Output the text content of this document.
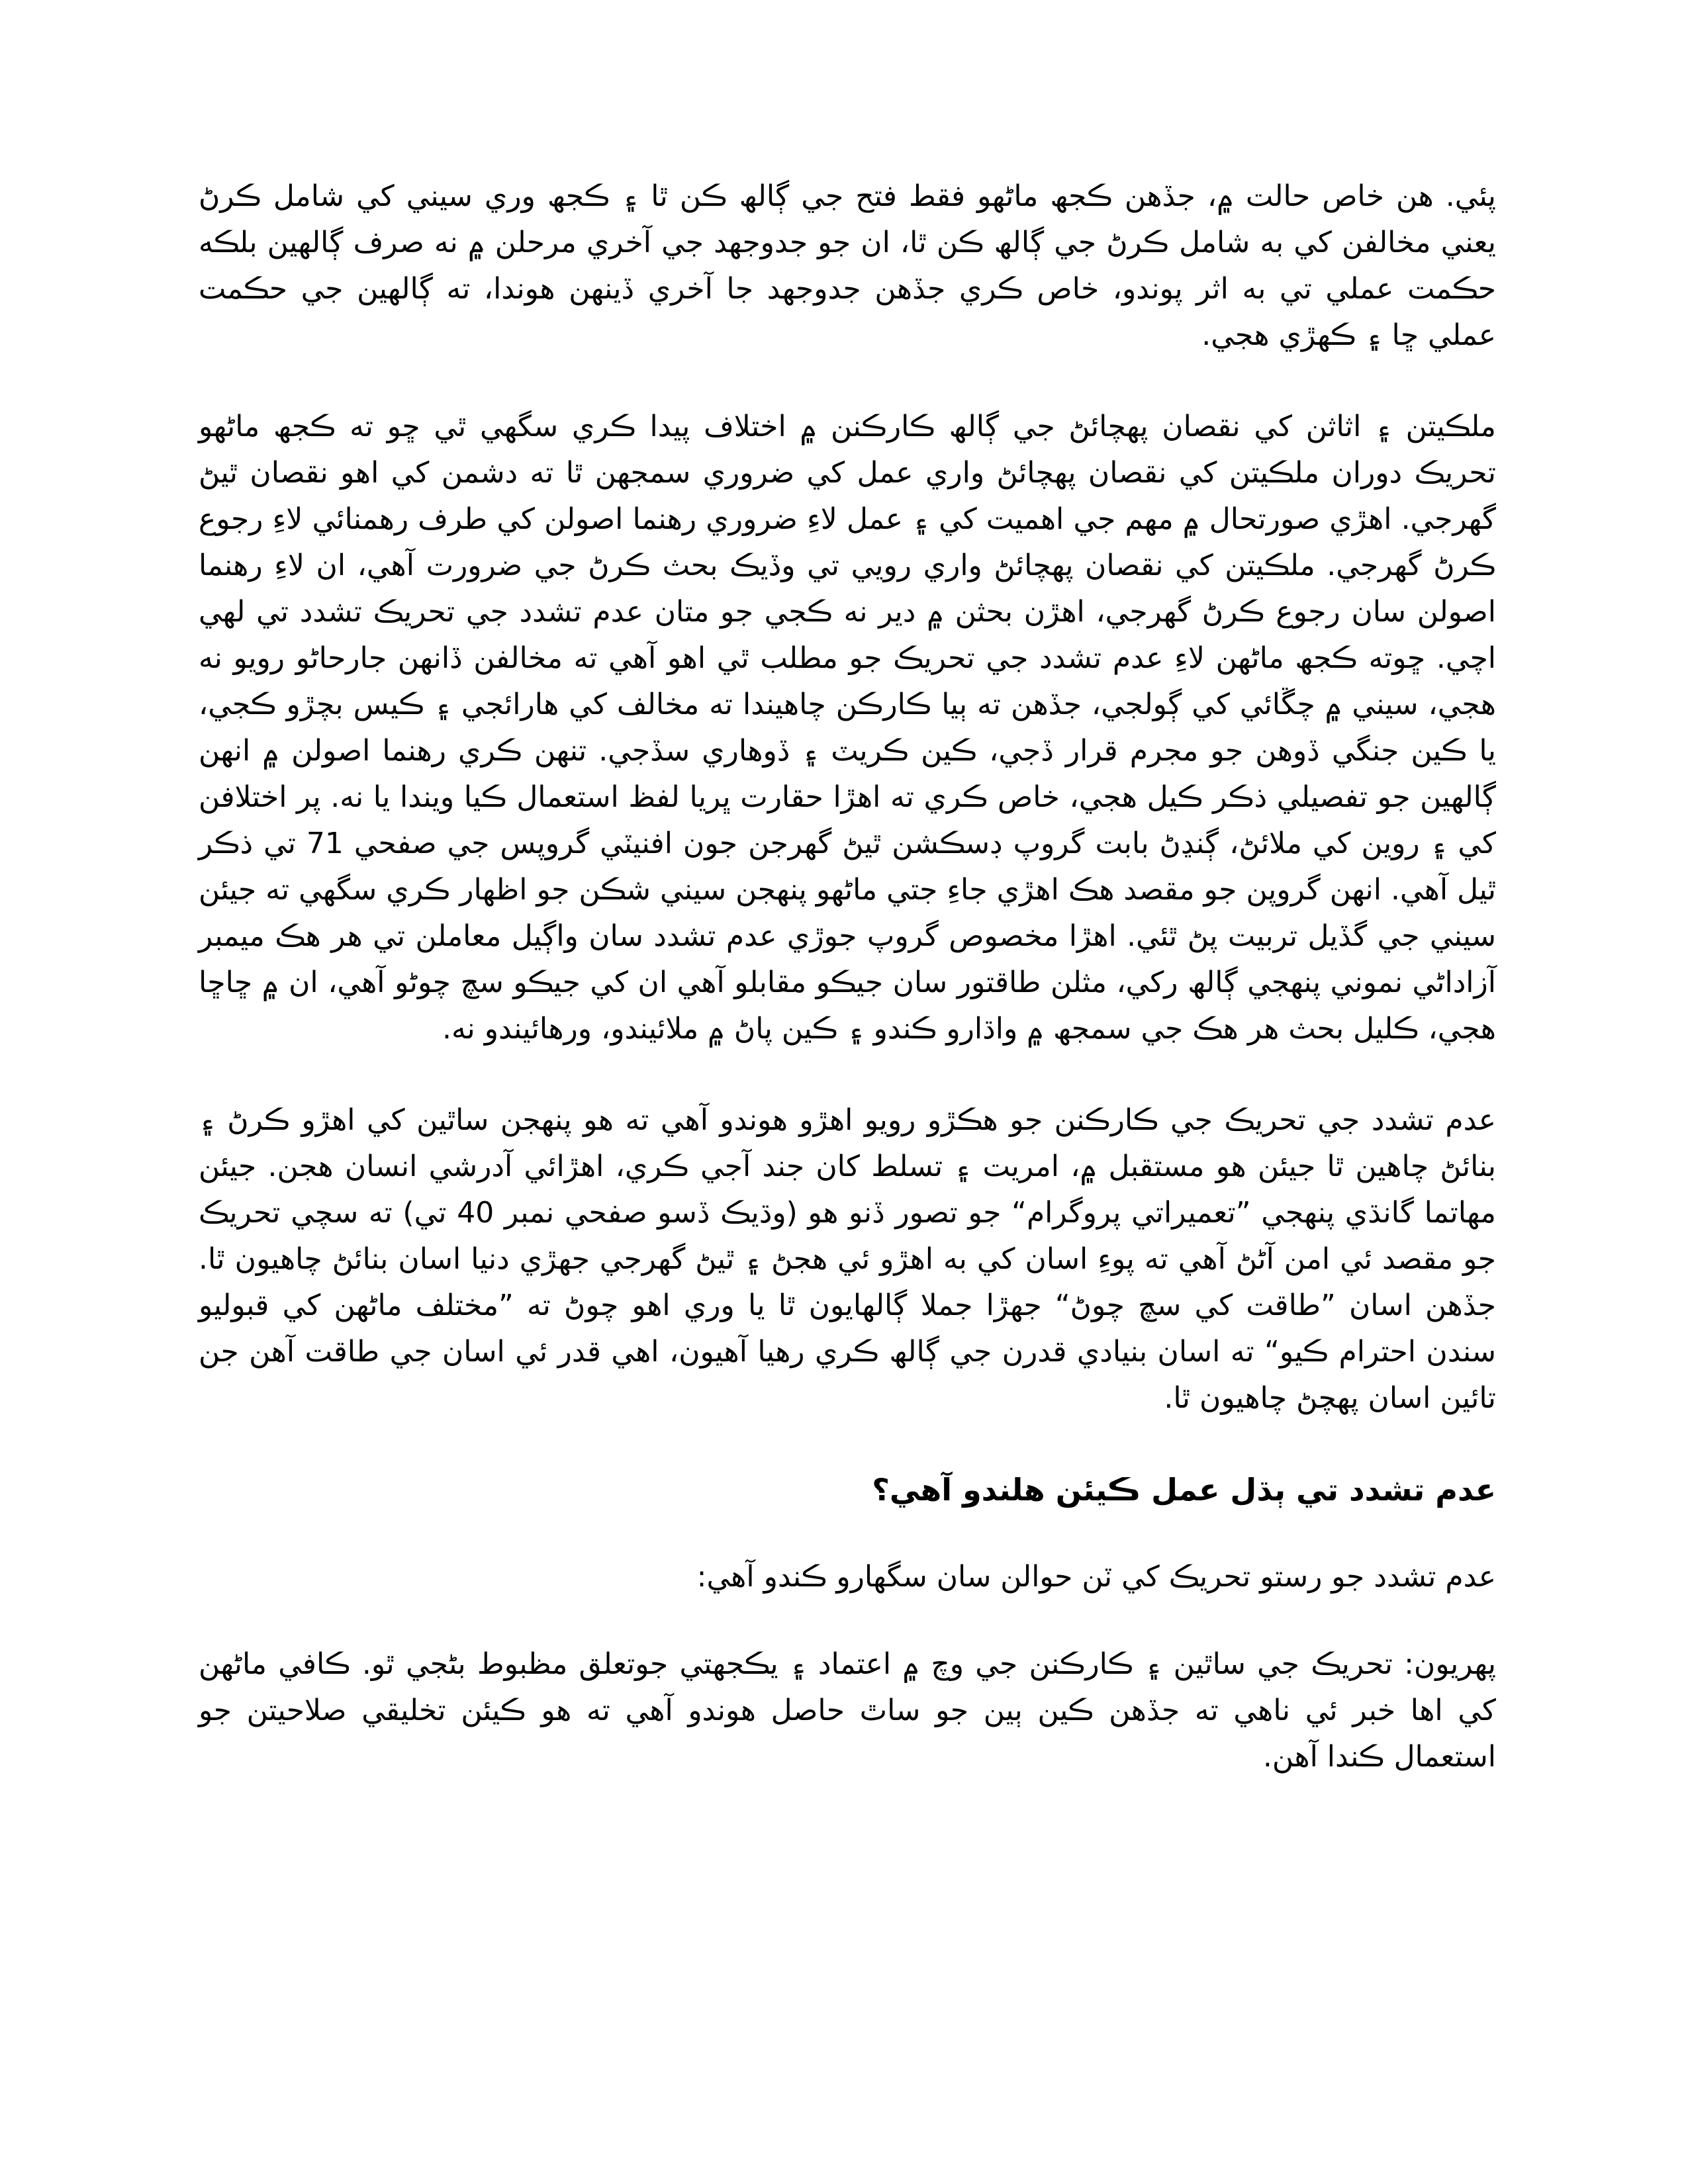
پئي. هن خاص حالت ۾، جڏهن ڪجھ ماڻهو فقط فتح جي ڳالھ ڪن ٿا ۽ ڪجھ وري سيني کي شامل ڪرڻ يعني مخالفن کي به شامل ڪرڻ جي ڳالھ ڪن ٿا، ان جو جدوجهد جي آخري مرحلن ۾ نه صرف ڳالهين بلڪه حڪمت عملي تي به اثر پوندو، خاص ڪري جڏهن جدوجهد جا آخري ڏينهن هوندا، ته ڳالهين جي حڪمت عملي ڇا ۽ ڪهڙي هجي.

ملڪيتن ۽ اثاثن کي نقصان پهچائڻ جي ڳالھ ڪارڪنن ۾ اختلاف پيدا ڪري سگهي ٿي ڇو ته ڪجھ ماڻهو تحريڪ دوران ملڪيتن کي نقصان پهچائڻ واري عمل کي ضروري سمجهن ٿا ته دشمن کي اهو نقصان ٿيڻ گهرجي. اهڙي صورتحال ۾ مهم جي اهميت کي ۽ عمل لاءِ ضروري رهنما اصولن کي طرف رهمنائي لاءِ رجوع ڪرڻ گهرجي. ملڪيتن کي نقصان پهچائڻ واري رويي تي وڏيڪ بحث ڪرڻ جي ضرورت آهي، ان لاءِ رهنما اصولن سان رجوع ڪرڻ گهرجي، اهڙن بحثن ۾ دير نه ڪجي جو متان عدم تشدد جي تحريڪ تشدد تي لهي اچي. ڇوته ڪجھ ماڻهن لاءِ عدم تشدد جي تحريڪ جو مطلب ٿي اهو آهي ته مخالفن ڏانهن جارحاڻو رويو نه هجي، سيني ۾ چڱائي کي ڳولجي، جڏهن ته ٻيا ڪارڪن چاهيندا ته مخالف کي هارائجي ۽ ڪيس بچڙو ڪجي، يا ڪين جنگي ڏوهن جو مجرم قرار ڏجي، ڪين ڪريٽ ۽ ڏوهاري سڏجي. تنهن ڪري رهنما اصولن ۾ انهن ڳالهين جو تفصيلي ذڪر ڪيل هجي، خاص ڪري ته اهڙا حقارت ڀريا لفظ استعمال ڪيا ويندا يا نه. پر اختلافن کي ۽ روين کي ملائڻ، ڳنڍڻ بابت گروپ ڊسڪشن ٿيڻ گهرجن جون افنيٽي گروپس جي صفحي 71 تي ذڪر ٿيل آهي. انهن گروپن جو مقصد هڪ اهڙي جاءِ جتي ماڻهو پنهجن سيني شڪن جو اظهار ڪري سگهي ته جيئن سيني جي گڏيل تربيت پڻ ٿئي. اهڙا مخصوص گروپ جوڙي عدم تشدد سان واڳيل معاملن تي هر هڪ ميمبر آزاداڻي نموني پنهجي ڳالھ رکي، مثلن طاقتور سان جيڪو مقابلو آهي ان کي جيڪو سچ چوڻو آهي، ان ۾ ڇاڇا هجي، ڪليل بحث هر هڪ جي سمجھ ۾ واڌارو ڪندو ۽ ڪين پاڻ ۾ ملائيندو، ورهائيندو نه.

عدم تشدد جي تحريڪ جي ڪارڪنن جو هڪڙو رويو اهڙو هوندو آهي ته هو پنهجن ساٿين کي اهڙو ڪرڻ ۽ بنائڻ چاهين ٿا جيئن هو مستقبل ۾، امريت ۽ تسلط کان جند آجي ڪري، اهڙائي آدرشي انسان هجن. جيئن مهاتما گانڌي پنهجي ”تعميراتي پروگرام“ جو تصور ڏنو هو (وڌيڪ ڏسو صفحي نمبر 40 تي) ته سچي تحريڪ جو مقصد ئي امن آڻڻ آهي ته پوءِ اسان کي به اهڙو ئي هجڻ ۽ ٿيڻ گهرجي جهڙي دنيا اسان بنائڻ چاهيون ٿا. جڏهن اسان ”طاقت کي سچ چوڻ“ جهڙا جملا ڳالهايون ٿا يا وري اهو چوڻ ته ”مختلف ماڻهن کي قبوليو سندن احترام ڪيو“ ته اسان بنيادي قدرن جي ڳالھ ڪري رهيا آهيون، اهي قدر ئي اسان جي طاقت آهن جن تائين اسان پهچڻ چاهيون ٿا.

عدم تشدد تي ٻڌل عمل ڪيئن هلندو آهي؟

عدم تشدد جو رستو تحريڪ کي ٽن حوالن سان سگهارو ڪندو آهي:

پهريون: تحريڪ جي ساٿين ۽ ڪارڪنن جي وچ ۾ اعتماد ۽ يڪجهتي جوتعلق مظبوط بڻجي ٿو. ڪافي ماڻهن کي اها خبر ئي ناهي ته جڏهن ڪين ٻين جو ساٿ حاصل هوندو آهي ته هو ڪيئن تخليقي صلاحيتن جو استعمال ڪندا آهن.
